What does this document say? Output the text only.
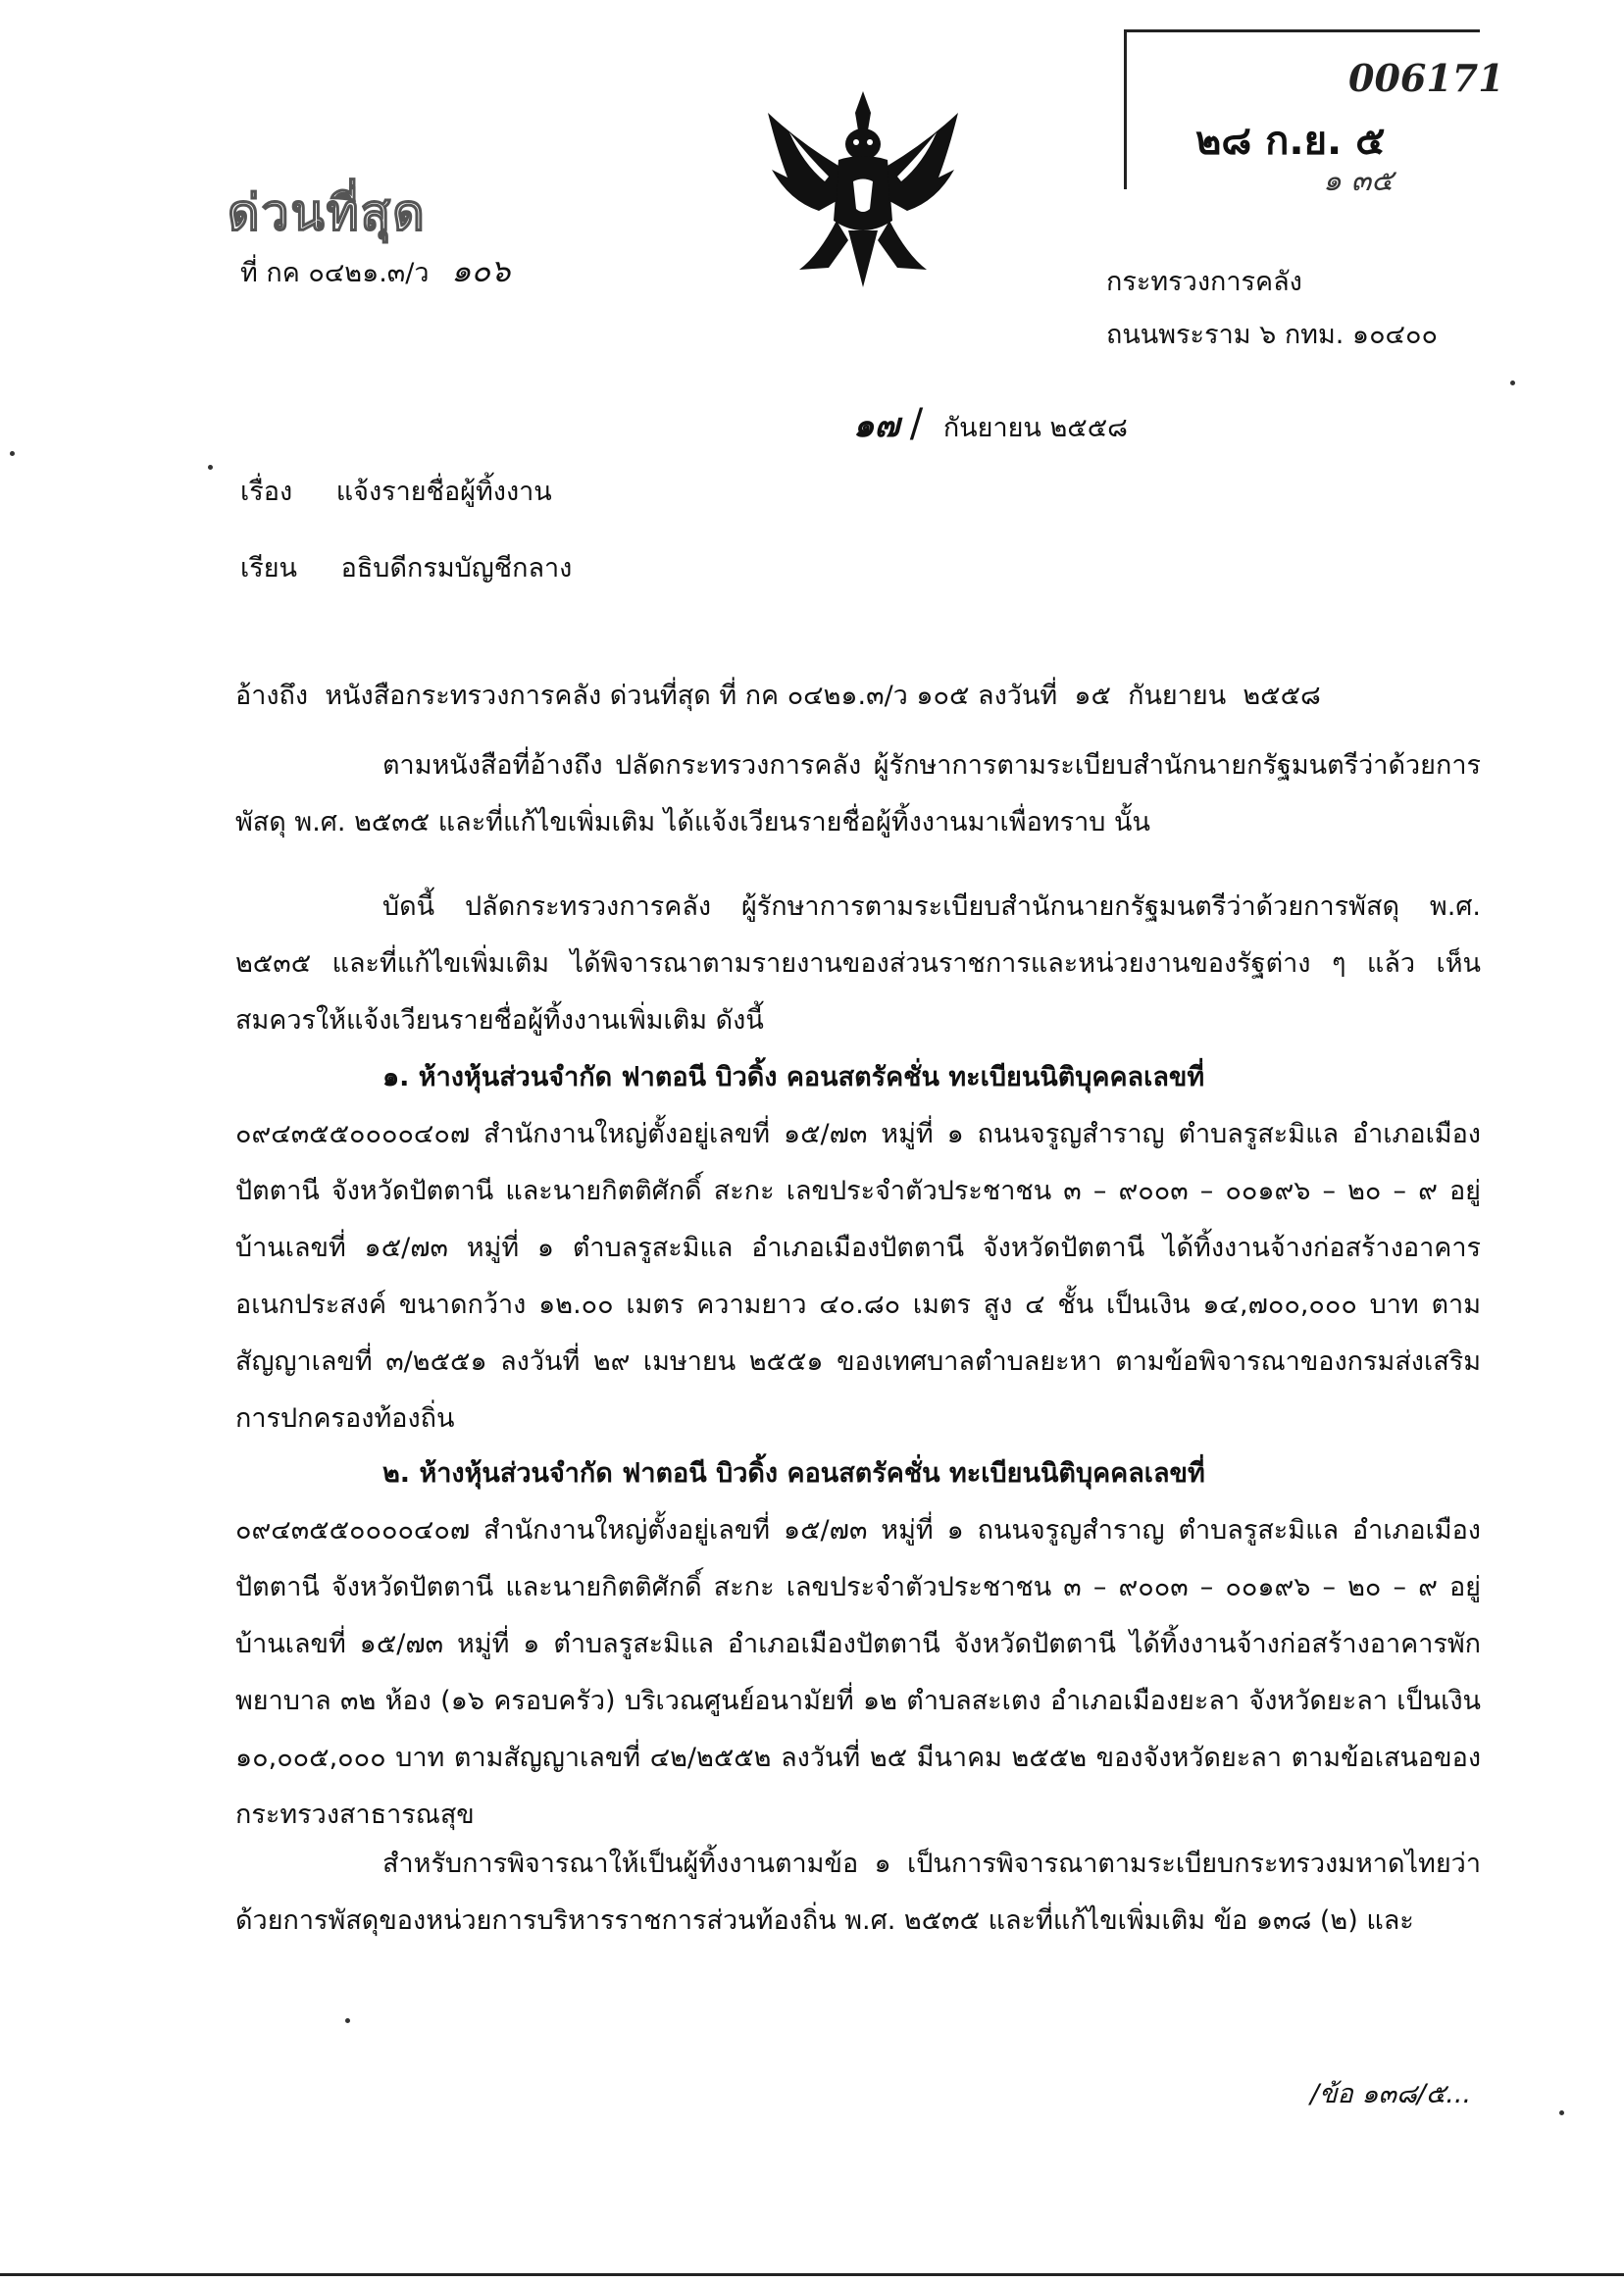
ด่วนที่สุด
ที่ กค ๐๔๒๑.๓/ว ๑๐๖
006171
๒๘ ก.ย. ๕
๑ ๓๕
กระทรวงการคลัง
ถนนพระราม ๖ กทม. ๑๐๔๐๐
๑๗ / กันยายน ๒๕๕๘
เรื่อง แจ้งรายชื่อผู้ทิ้งงาน
เรียน อธิบดีกรมบัญชีกลาง
อ้างถึง  หนังสือกระทรวงการคลัง ด่วนที่สุด ที่ กค ๐๔๒๑.๓/ว ๑๐๕ ลงวันที่  ๑๕  กันยายน  ๒๕๕๘
ตามหนังสือที่อ้างถึง ปลัดกระทรวงการคลัง ผู้รักษาการตามระเบียบสำนักนายกรัฐมนตรีว่าด้วยการพัสดุ พ.ศ. ๒๕๓๕ และที่แก้ไขเพิ่มเติม ได้แจ้งเวียนรายชื่อผู้ทิ้งงานมาเพื่อทราบ นั้น
บัดนี้ ปลัดกระทรวงการคลัง ผู้รักษาการตามระเบียบสำนักนายกรัฐมนตรีว่าด้วยการพัสดุ พ.ศ. ๒๕๓๕ และที่แก้ไขเพิ่มเติม ได้พิจารณาตามรายงานของส่วนราชการและหน่วยงานของรัฐต่าง ๆ แล้ว เห็นสมควรให้แจ้งเวียนรายชื่อผู้ทิ้งงานเพิ่มเติม ดังนี้
๑. ห้างหุ้นส่วนจำกัด ฟาตอนี บิวดิ้ง คอนสตรัคชั่น ทะเบียนนิติบุคคลเลขที่
๐๙๔๓๕๕๐๐๐๐๔๐๗ สำนักงานใหญ่ตั้งอยู่เลขที่ ๑๕/๗๓ หมู่ที่ ๑ ถนนจรูญสำราญ ตำบลรูสะมิแล อำเภอเมืองปัตตานี จังหวัดปัตตานี และนายกิตติศักดิ์ สะกะ เลขประจำตัวประชาชน ๓ – ๙๐๐๓ – ๐๐๑๙๖ – ๒๐ – ๙ อยู่บ้านเลขที่ ๑๕/๗๓ หมู่ที่ ๑ ตำบลรูสะมิแล อำเภอเมืองปัตตานี จังหวัดปัตตานี ได้ทิ้งงานจ้างก่อสร้างอาคารอเนกประสงค์ ขนาดกว้าง ๑๒.๐๐ เมตร ความยาว ๔๐.๘๐ เมตร สูง ๔ ชั้น เป็นเงิน ๑๔,๗๐๐,๐๐๐ บาท ตามสัญญาเลขที่ ๓/๒๕๕๑ ลงวันที่ ๒๙ เมษายน ๒๕๕๑ ของเทศบาลตำบลยะหา ตามข้อพิจารณาของกรมส่งเสริมการปกครองท้องถิ่น
๒. ห้างหุ้นส่วนจำกัด ฟาตอนี บิวดิ้ง คอนสตรัคชั่น ทะเบียนนิติบุคคลเลขที่
๐๙๔๓๕๕๐๐๐๐๔๐๗ สำนักงานใหญ่ตั้งอยู่เลขที่ ๑๕/๗๓ หมู่ที่ ๑ ถนนจรูญสำราญ ตำบลรูสะมิแล อำเภอเมืองปัตตานี จังหวัดปัตตานี และนายกิตติศักดิ์ สะกะ เลขประจำตัวประชาชน ๓ – ๙๐๐๓ – ๐๐๑๙๖ – ๒๐ – ๙ อยู่บ้านเลขที่ ๑๕/๗๓ หมู่ที่ ๑ ตำบลรูสะมิแล อำเภอเมืองปัตตานี จังหวัดปัตตานี ได้ทิ้งงานจ้างก่อสร้างอาคารพักพยาบาล ๓๒ ห้อง (๑๖ ครอบครัว) บริเวณศูนย์อนามัยที่ ๑๒ ตำบลสะเตง อำเภอเมืองยะลา จังหวัดยะลา เป็นเงิน ๑๐,๐๐๕,๐๐๐ บาท ตามสัญญาเลขที่ ๔๒/๒๕๕๒ ลงวันที่ ๒๕ มีนาคม ๒๕๕๒ ของจังหวัดยะลา ตามข้อเสนอของกระทรวงสาธารณสุข
สำหรับการพิจารณาให้เป็นผู้ทิ้งงานตามข้อ ๑ เป็นการพิจารณาตามระเบียบกระทรวงมหาดไทยว่าด้วยการพัสดุของหน่วยการบริหารราชการส่วนท้องถิ่น พ.ศ. ๒๕๓๕ และที่แก้ไขเพิ่มเติม ข้อ ๑๓๘ (๒) และ
/ข้อ ๑๓๘/๕...
